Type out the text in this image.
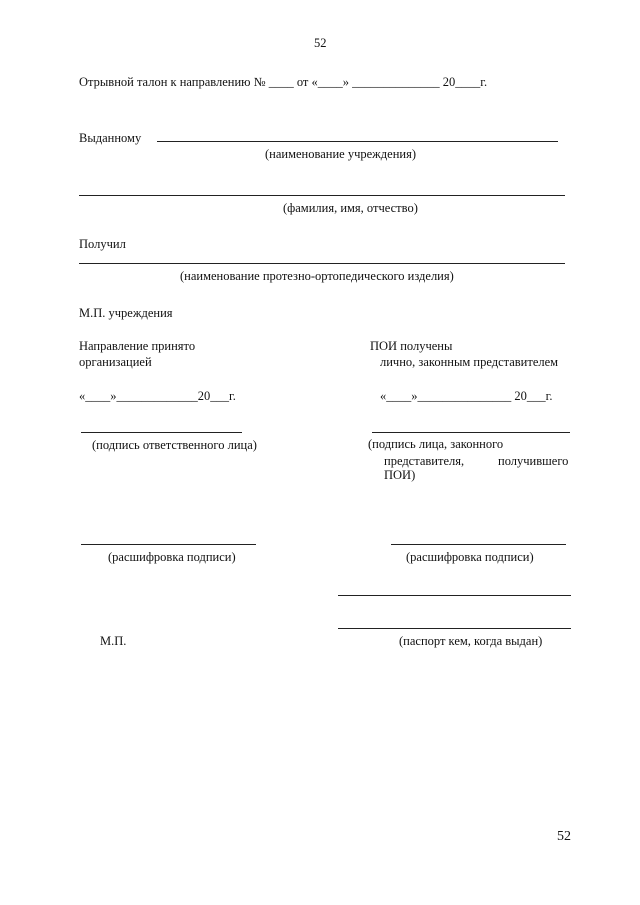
52
Отрывной талон к направлению № ____ от «____» ______________ 20____г.
Выданному
(наименование учреждения)
(фамилия, имя, отчество)
Получил
(наименование протезно-ортопедического изделия)
М.П. учреждения
Направление принято
организацией
«____»_____________20___г.
(подпись ответственного лица)
(расшифровка подписи)
М.П.
ПОИ получены
лично, законным представителем
«____»_______________ 20___г.
(подпись лица, законного
представителя,	получившего
ПОИ)
(расшифровка подписи)
(паспорт кем, когда выдан)
52
